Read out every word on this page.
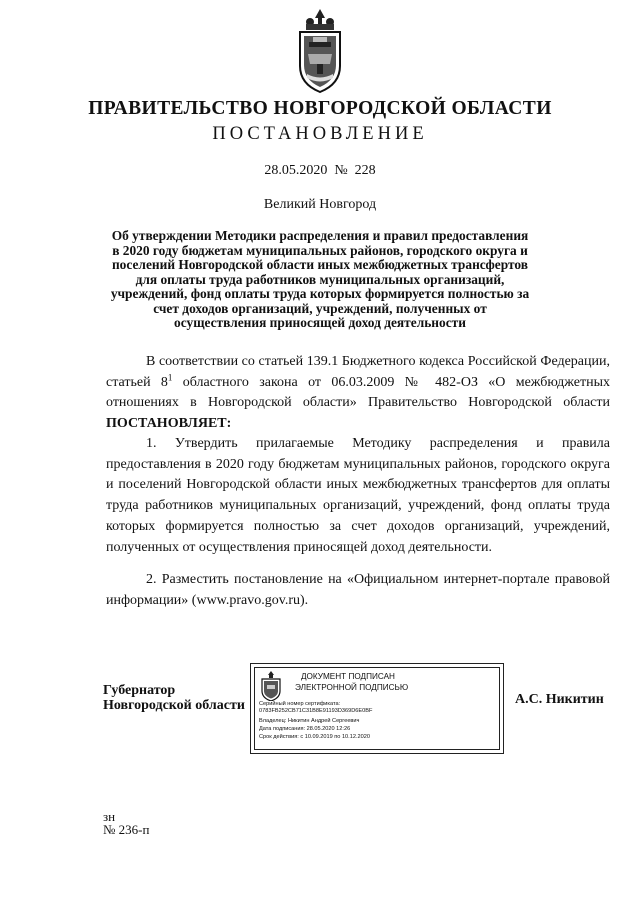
ПРАВИТЕЛЬСТВО НОВГОРОДСКОЙ ОБЛАСТИ
ПОСТАНОВЛЕНИЕ
28.05.2020  №  228
Великий Новгород
Об утверждении Методики распределения и правил предоставления в 2020 году бюджетам муниципальных районов, городского округа и поселений Новгородской области иных межбюджетных трансфертов для оплаты труда работников муниципальных организаций, учреждений, фонд оплаты труда которых формируется полностью за счет доходов организаций, учреждений, полученных от осуществления приносящей доход деятельности
В соответствии со статьей 139.1 Бюджетного кодекса Российской Федерации, статьей $8^1$ областного закона от 06.03.2009 № 482-ОЗ «О межбюджетных отношениях в Новгородской области» Правительство Новгородской области ПОСТАНОВЛЯЕТ:
1. Утвердить прилагаемые Методику распределения и правила предоставления в 2020 году бюджетам муниципальных районов, городского округа и поселений Новгородской области иных межбюджетных трансфертов для оплаты труда работников муниципальных организаций, учреждений, фонд оплаты труда которых формируется полностью за счет доходов организаций, учреждений, полученных от осуществления приносящей доход деятельности.
2. Разместить постановление на «Официальном интернет-портале правовой информации» (www.pravo.gov.ru).
Губернатор
Новгородской области
ДОКУМЕНТ ПОДПИСАН
ЭЛЕКТРОННОЙ ПОДПИСЬЮ
Серийный номер сертификата:
0783FB252CB71C31B8E91193D369D6E0BF
Владелец: Никитин Андрей Сергеевич
Дата подписания: 28.05.2020 12:26
Срок действия: с 10.09.2019 по 10.12.2020
А.С. Никитин
зн
№ 236-п
